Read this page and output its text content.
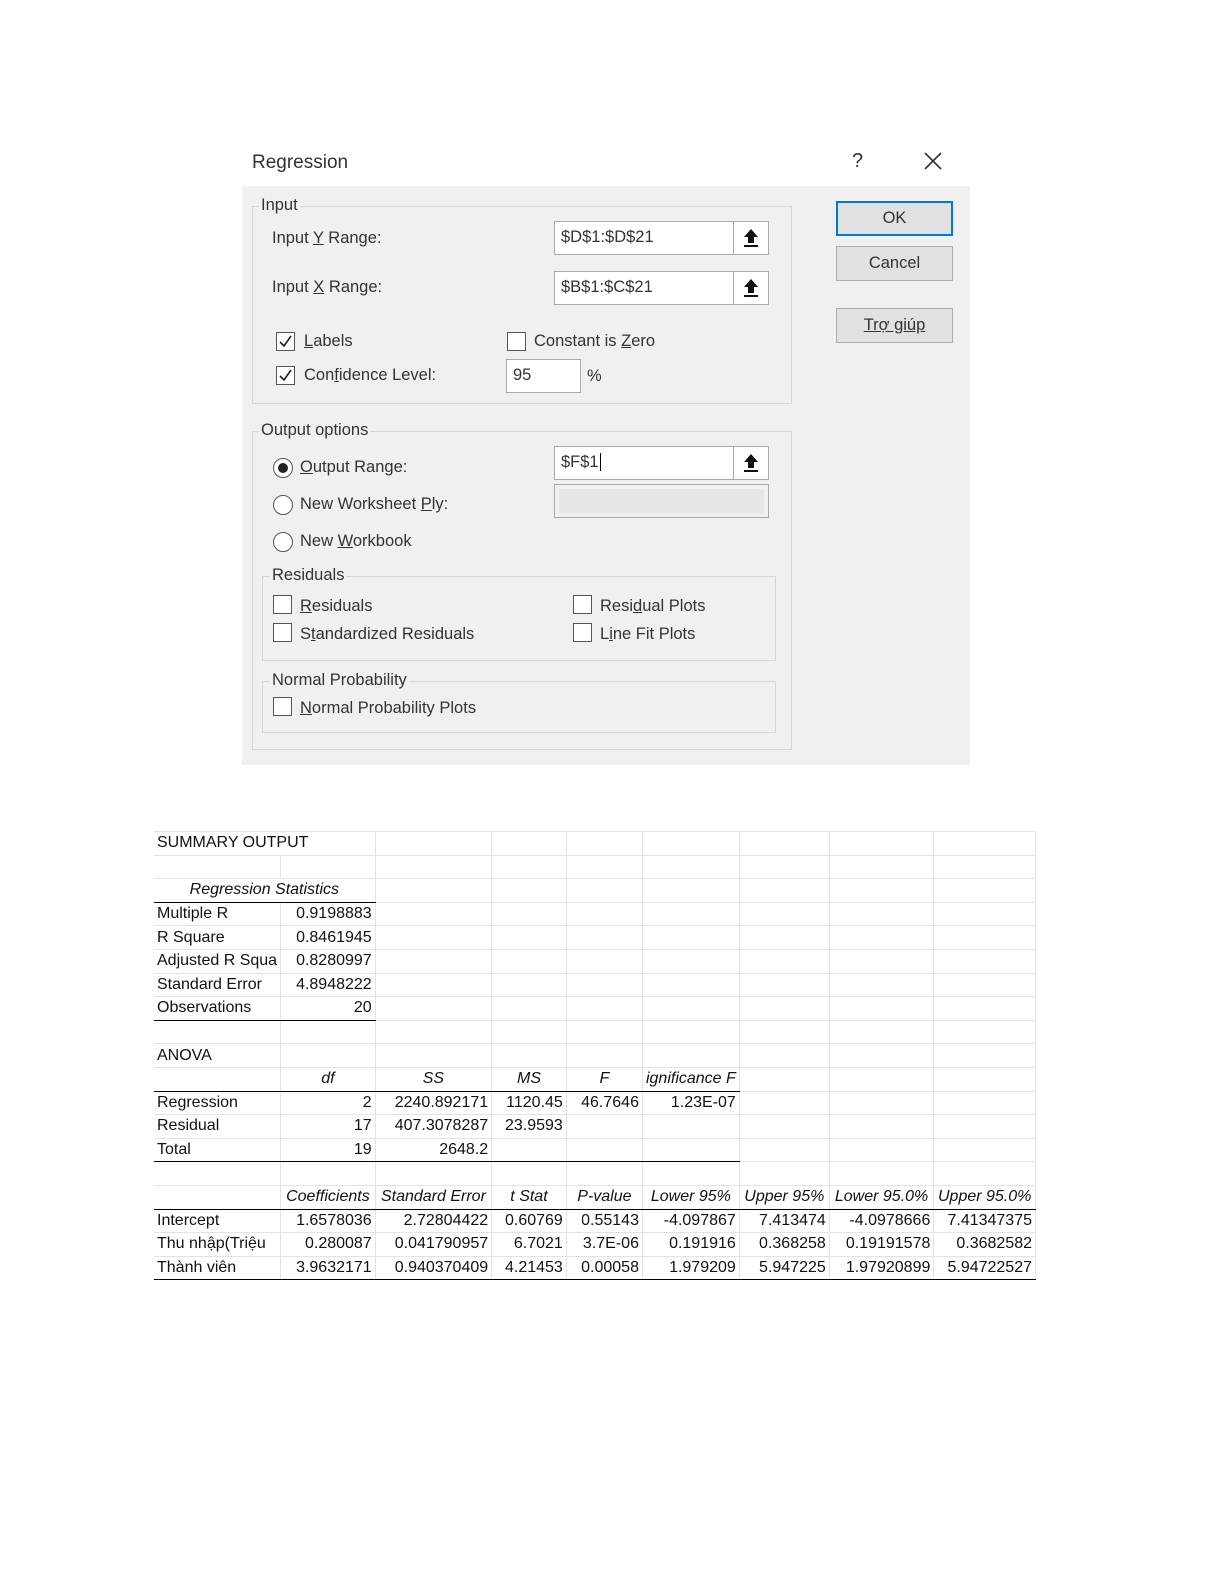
Regression	?
Input
Input Y Range:	$D$1:$D$21
Input X Range:	$B$1:$C$21
Labels	Constant is Zero
Confidence Level:	95	%
Output options
Output Range:	$F$1
New Worksheet Ply:
New Workbook
Residuals
Residuals
Standardized Residuals
Residual Plots
Line Fit Plots
Normal Probability
Normal Probability Plots
OK
Cancel
Trợ giúp
SUMMARY OUTPUT								

Regression Statistics								
Multiple R	0.9198883							
R Square	0.8461945							
Adjusted R Squa	0.8280997							
Standard Error	4.8948222							
Observations	20							

ANOVA								
	df	SS	MS	F	ignificance F			
Regression	2	2240.892171	1120.45	46.7646	1.23E-07			
Residual	17	407.3078287	23.9593					
Total	19	2648.2						

	Coefficients	Standard Error	t Stat	P-value	Lower 95%	Upper 95%	Lower 95.0%	Upper 95.0%
Intercept	1.6578036	2.72804422	0.60769	0.55143	-4.097867	7.413474	-4.0978666	7.41347375
Thu nhập(Triệu	0.280087	0.041790957	6.7021	3.7E-06	0.191916	0.368258	0.19191578	0.3682582
Thành viên	3.9632171	0.940370409	4.21453	0.00058	1.979209	5.947225	1.97920899	5.94722527
